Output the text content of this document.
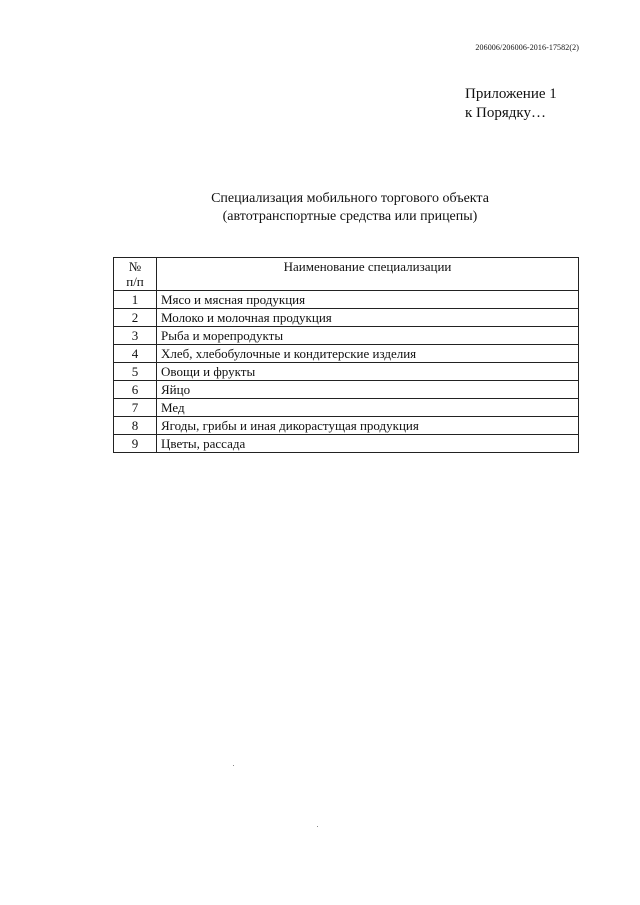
206006/206006-2016-17582(2)
Приложение 1
к Порядку…
Специализация мобильного торгового объекта
(автотранспортные средства или прицепы)
№
п/п	Наименование специализации
1	Мясо и мясная продукция
2	Молоко и молочная продукция
3	Рыба и морепродукты
4	Хлеб, хлебобулочные и кондитерские изделия
5	Овощи и фрукты
6	Яйцо
7	Мед
8	Ягоды, грибы и иная дикорастущая продукция
9	Цветы, рассада
